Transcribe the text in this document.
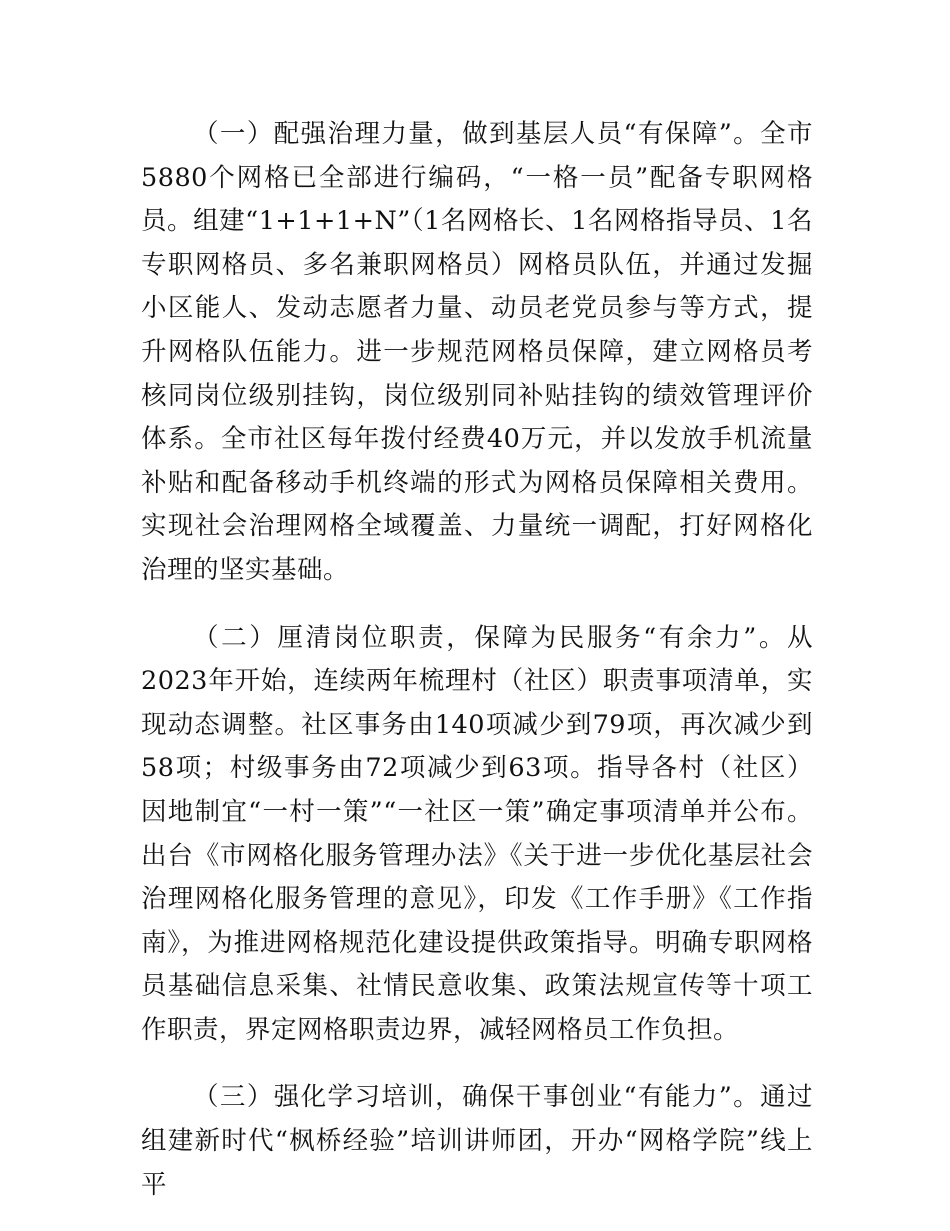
（一）配强治理力量，做到基层人员“有保障”。全市5880个网格已全部进行编码，“一格一员”配备专职网格员。组建“1+1+1+N”（1名网格长、1名网格指导员、1名专职网格员、多名兼职网格员）网格员队伍，并通过发掘小区能人、发动志愿者力量、动员老党员参与等方式，提升网格队伍能力。进一步规范网格员保障，建立网格员考核同岗位级别挂钩，岗位级别同补贴挂钩的绩效管理评价体系。全市社区每年拨付经费40万元，并以发放手机流量补贴和配备移动手机终端的形式为网格员保障相关费用。实现社会治理网格全域覆盖、力量统一调配，打好网格化治理的坚实基础。

（二）厘清岗位职责，保障为民服务“有余力”。从2023年开始，连续两年梳理村（社区）职责事项清单，实现动态调整。社区事务由140项减少到79项，再次减少到58项；村级事务由72项减少到63项。指导各村（社区）因地制宜“一村一策”“一社区一策”确定事项清单并公布。出台《市网格化服务管理办法》《关于进一步优化基层社会治理网格化服务管理的意见》，印发《工作手册》《工作指南》，为推进网格规范化建设提供政策指导。明确专职网格员基础信息采集、社情民意收集、政策法规宣传等十项工作职责，界定网格职责边界，减轻网格员工作负担。

（三）强化学习培训，确保干事创业“有能力”。通过组建新时代“枫桥经验”培训讲师团，开办“网格学院”线上平
